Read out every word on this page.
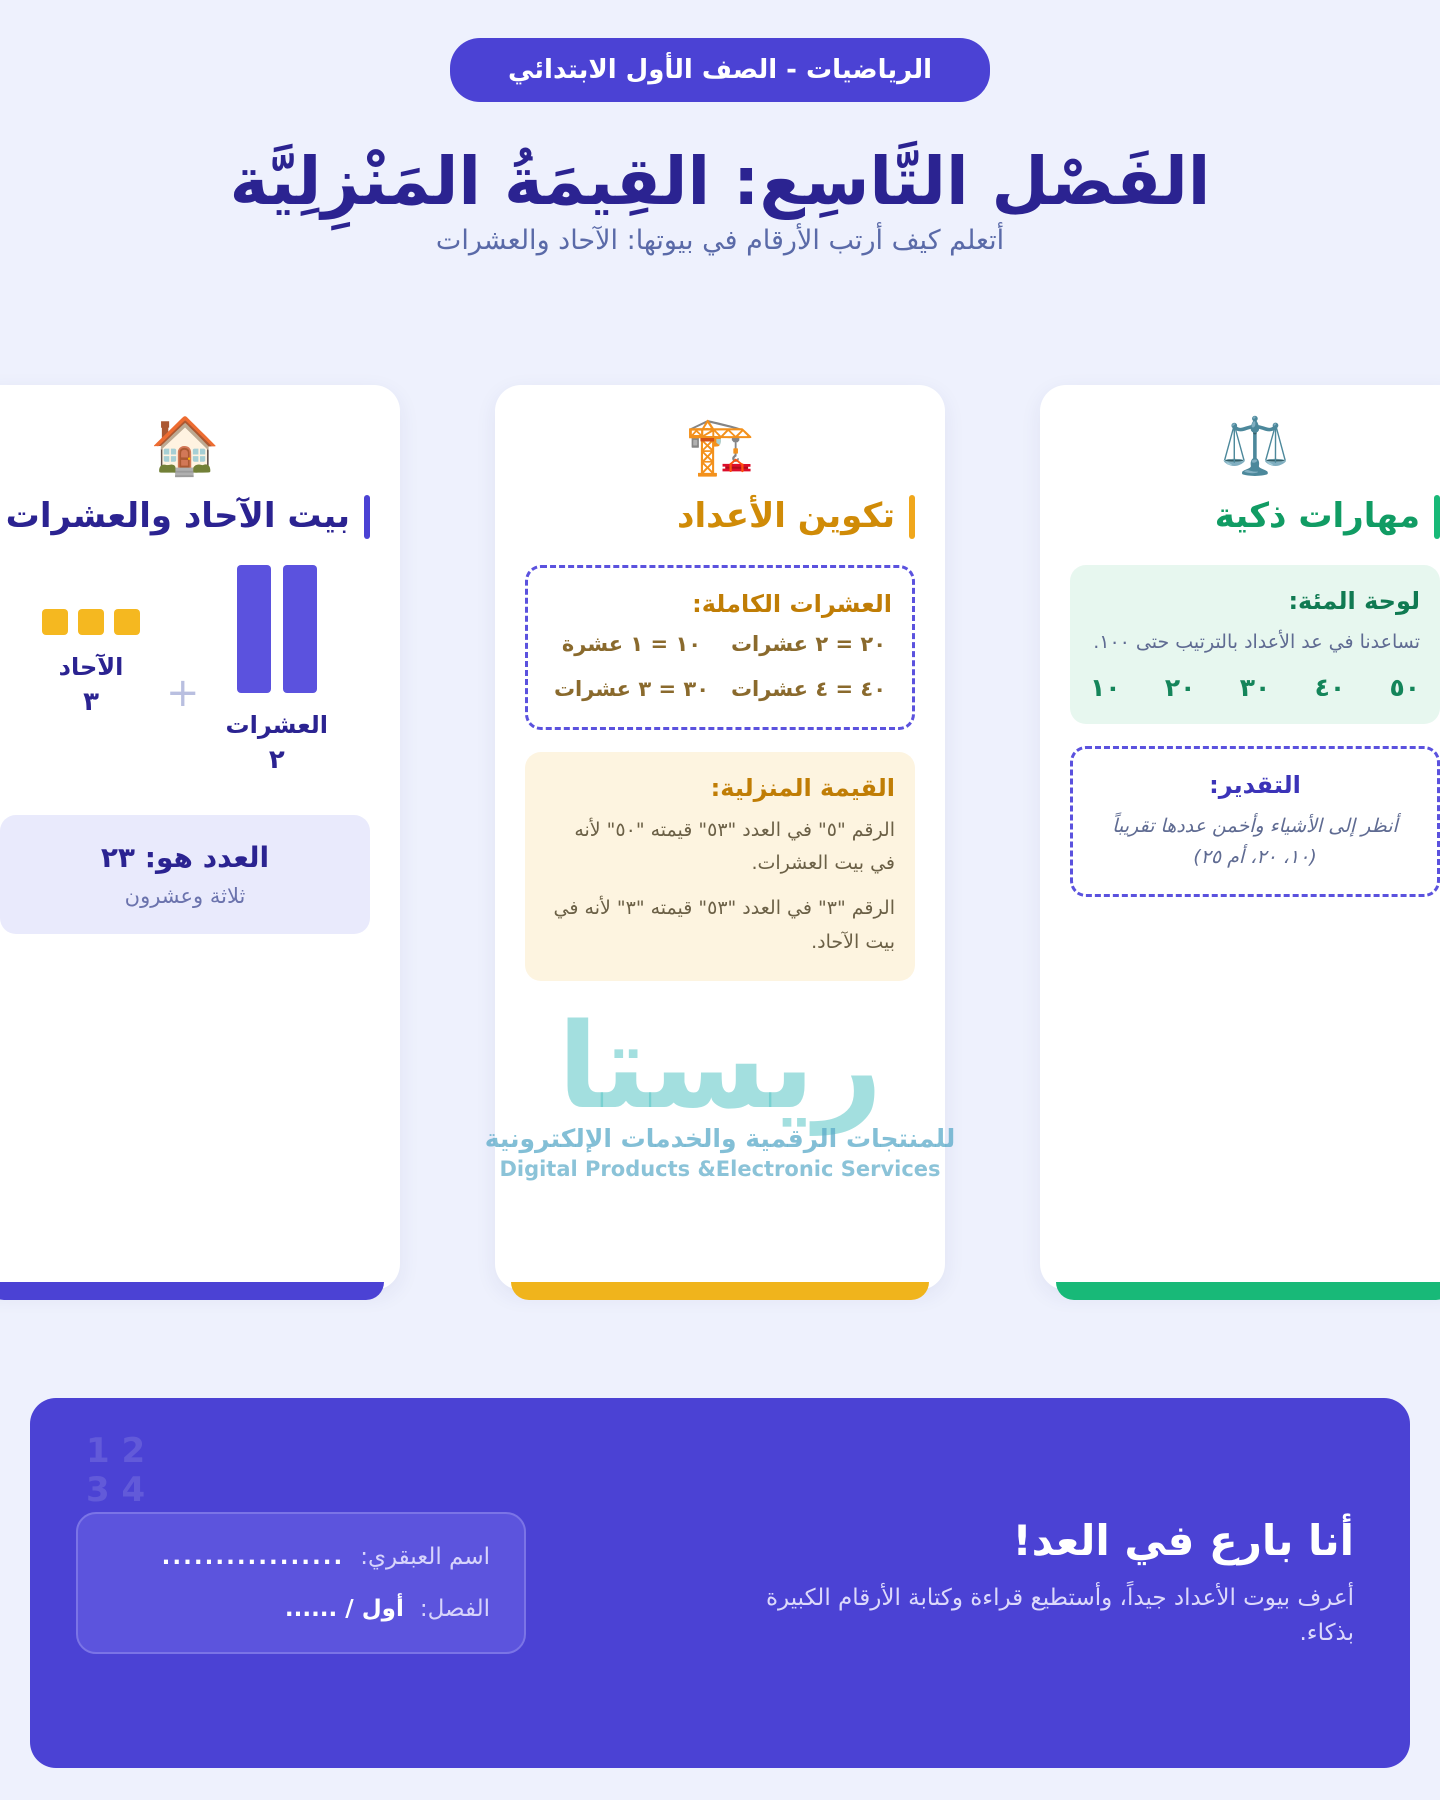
الرياضيات - الصف الأول الابتدائي
الفَصْل التَّاسِع: القِيمَةُ المَنْزِلِيَّة

أتعلم كيف أرتب الأرقام في بيوتها: الآحاد والعشرات

⚖️
مهارات ذكية
لوحة المئة:
تساعدنا في عد الأعداد بالترتيب حتى ١٠٠.
٥٠
٤٠
٣٠
٢٠
١٠
التقدير:
أنظر إلى الأشياء وأخمن عددها تقريباً (١٠، ٢٠، أم ٢٥)
🏗️
تكوين الأعداد
العشرات الكاملة:
٢٠ = ٢ عشرات
١٠ = ١ عشرة
٤٠ = ٤ عشرات
٣٠ = ٣ عشرات
القيمة المنزلية:
الرقم "٥" في العدد "٥٣" قيمته "٥٠" لأنه في بيت العشرات.
الرقم "٣" في العدد "٥٣" قيمته "٣" لأنه في بيت الآحاد.
🏠
بيت الآحاد والعشرات
العشرات
٢
+
الآحاد
٣
العدد هو: ٢٣
ثلاثة وعشرون
ريستا
للمنتجات الرقمية والخدمات الإلكترونية
Digital Products &Electronic Services
أنا بارع في العد!
أعرف بيوت الأعداد جيداً، وأستطيع قراءة وكتابة الأرقام الكبيرة بذكاء.
اسم العبقري:
.................
الفصل:
أول / ......
1 2
3 4
